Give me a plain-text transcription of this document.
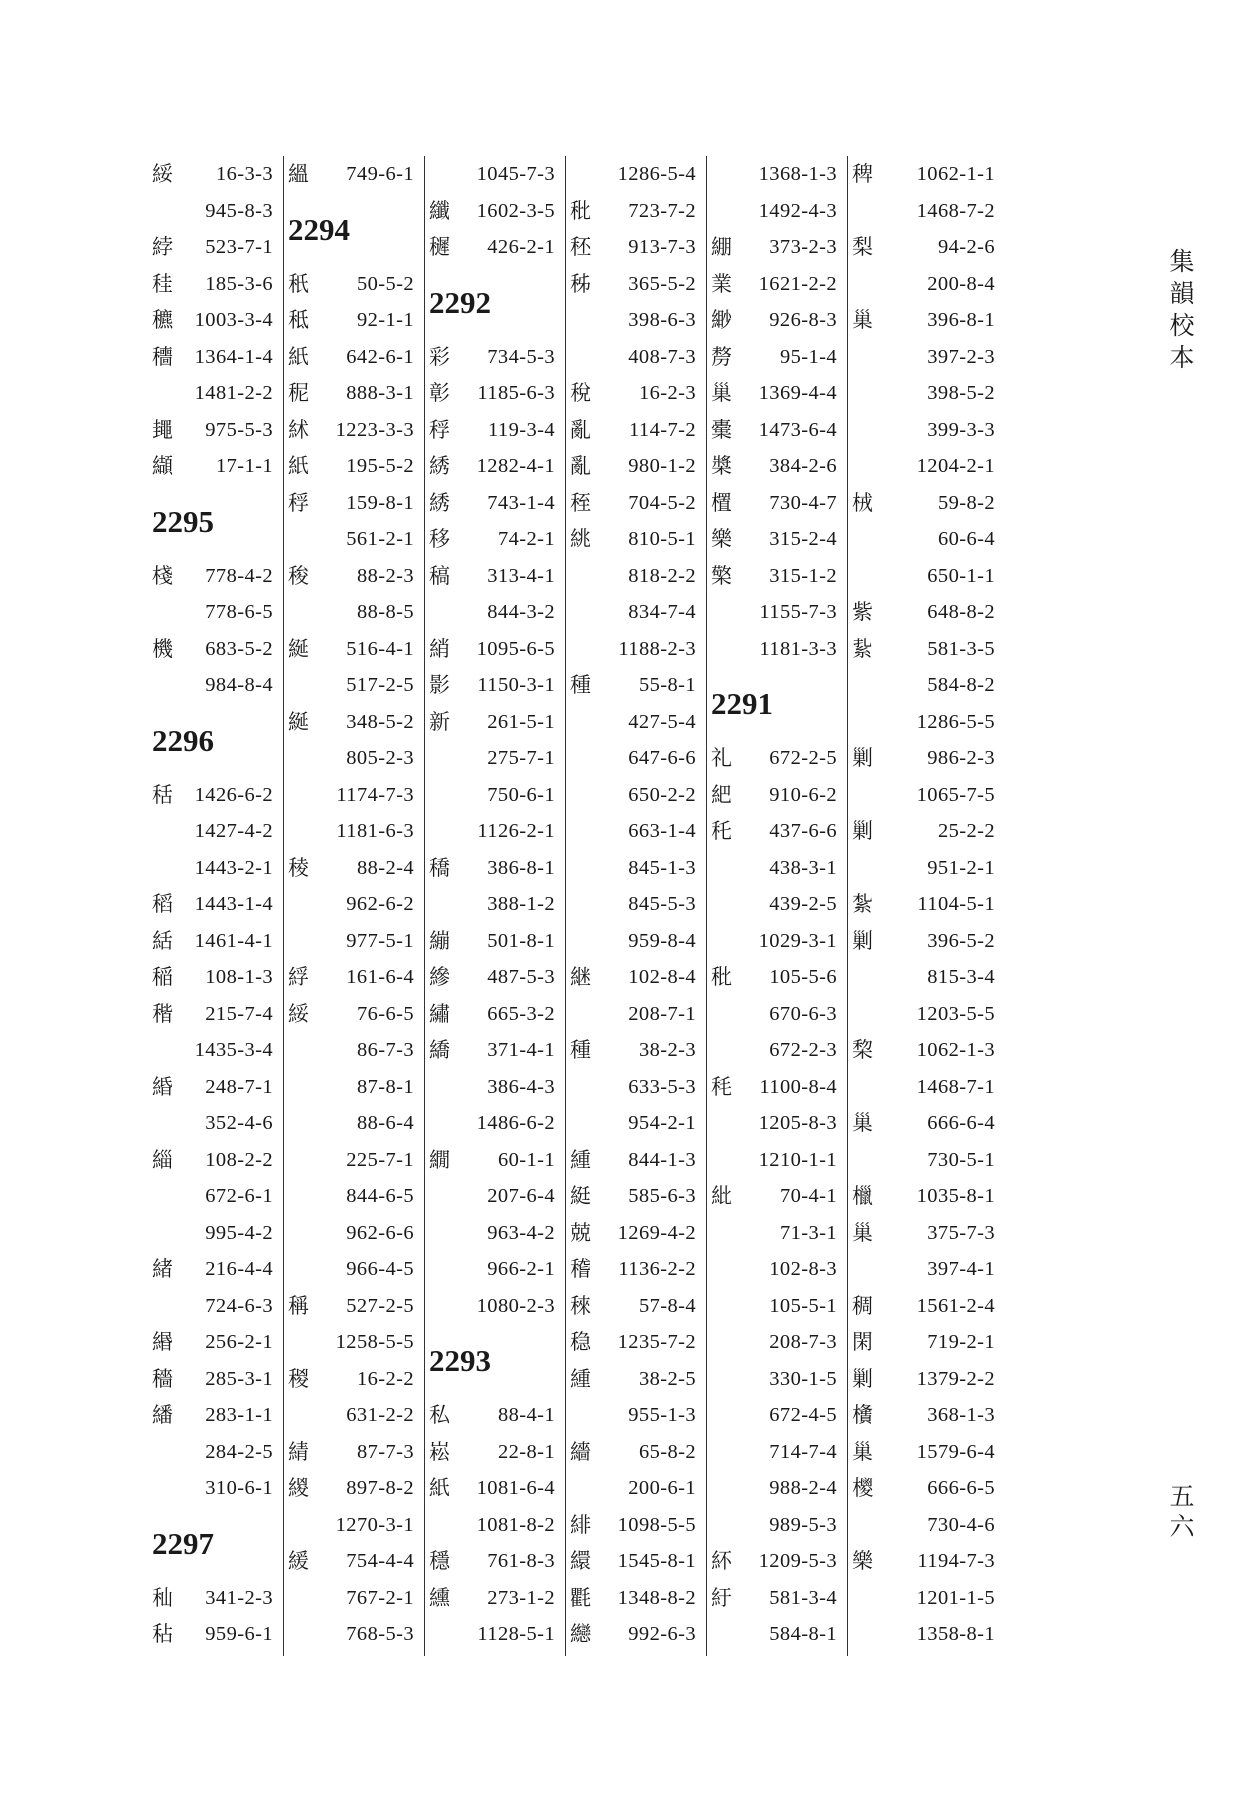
集韻校本
五六
綏 16-3-3
945-8-3
綍 523-7-1
䅅 185-3-6
穮 1003-3-4
穯 1364-1-4
1481-2-2
䵷 975-5-3
纈 17-1-1
2295
棧 778-4-2
778-6-5
機 683-5-2
984-8-4
2296
秳 1426-6-2
1427-4-2
1443-2-1
稻 1443-1-4
絬 1461-4-1
稲 108-1-3
稭 215-7-4
1435-3-4
緍 248-7-1
352-4-6
緇 108-2-2
672-6-1
995-4-2
緒 216-4-4
724-6-3
緡 256-2-1
穡 285-3-1
繙 283-1-1
284-2-5
310-6-1
2297
秈 341-2-3
秥 959-6-1
縕 749-6-1
2294
秖 50-5-2
秪 92-1-1
紙 642-6-1
秜 888-3-1
絉 1223-3-3
紙 195-5-2
稃 159-8-1
561-2-1
稄 88-2-3
88-8-5
綖 516-4-1
517-2-5
綖 348-5-2
805-2-3
1174-7-3
1181-6-3
稜 88-2-4
962-6-2
977-5-1
綒 161-6-4
綏 76-6-5
86-7-3
87-8-1
88-6-4
225-7-1
844-6-5
962-6-6
966-4-5
稱 527-2-5
1258-5-5
稯 16-2-2
631-2-2
綪 87-7-3
緵 897-8-2
1270-3-1
緩 754-4-4
767-2-1
768-5-3
1045-7-3
纖 1602-3-5
䆈 426-2-1
2292
彩 734-5-3
彰 1185-6-3
稃 119-3-4
綉 1282-4-1
綉 743-1-4
移 74-2-1
稿 313-4-1
844-3-2
綃 1095-6-5
影 1150-3-1
新 261-5-1
275-7-1
750-6-1
1126-2-1
穚 386-8-1
388-1-2
繃 501-8-1
縿 487-5-3
繡 665-3-2
繑 371-4-1
386-4-3
1486-6-2
繝 60-1-1
207-6-4
963-4-2
966-2-1
1080-2-3
2293
私 88-4-1
崧 22-8-1
紙 1081-6-4
1081-8-2
穩 761-8-3
纁 273-1-2
1128-5-1
1286-5-4
秕 723-7-2
秠 913-7-3
秭 365-5-2
398-6-3
408-7-3
稅 16-2-3
亂 114-7-2
亂 980-1-2
秷 704-5-2
絩 810-5-1
818-2-2
834-7-4
1188-2-3
種 55-8-1
427-5-4
647-6-6
650-2-2
663-1-4
845-1-3
845-5-3
959-8-4
継 102-8-4
208-7-1
種 38-2-3
633-5-3
954-2-1
緟 844-1-3
綎 585-6-3
兢 1269-4-2
稽 1136-2-2
䅘 57-8-4
稳 1235-7-2
緟 38-2-5
955-1-3
繬 65-8-2
200-6-1
緋 1098-5-5
繯 1545-8-1
氍 1348-8-2
纞 992-6-3
1368-1-3
1492-4-3
綳 373-2-3
業 1621-2-2
緲 926-8-3
剺 95-1-4
巢 1369-4-4
㯱 1473-6-4
槳 384-2-6
㯰 730-4-7
樂 315-2-4
檠 315-1-2
1155-7-3
1181-3-3
2291
礼 672-2-5
紦 910-6-2
秅 437-6-6
438-3-1
439-2-5
1029-3-1
秕 105-5-6
670-6-3
672-2-3
秏 1100-8-4
1205-8-3
1210-1-1
紕 70-4-1
71-3-1
102-8-3
105-5-1
208-7-3
330-1-5
672-4-5
714-7-4
988-2-4
989-5-3
紑 1209-5-3
紆 581-3-4
584-8-1
稗 1062-1-1
1468-7-2
梨	94-2-6
200-8-4
巢	396-8-1
397-2-3
398-5-2
399-3-3
1204-2-1
㭜	59-8-2
60-6-4
650-1-1
紫	648-8-2
紥	581-3-5
584-8-2
1286-5-5
剿	986-2-3
1065-7-5
剿	25-2-2
951-2-1
紮 1104-5-1
剿	396-5-2
815-3-4
1203-5-5
棃 1062-1-3
1468-7-1
巢	666-6-4
730-5-1
㯿 1035-8-1
巢	375-7-3
397-4-1
稠 1561-2-4
閑	719-2-1
剿 1379-2-2
㯯	368-1-3
巢 1579-6-4
㯶	666-6-5
730-4-6
樂 1194-7-3
1201-1-5
1358-8-1
